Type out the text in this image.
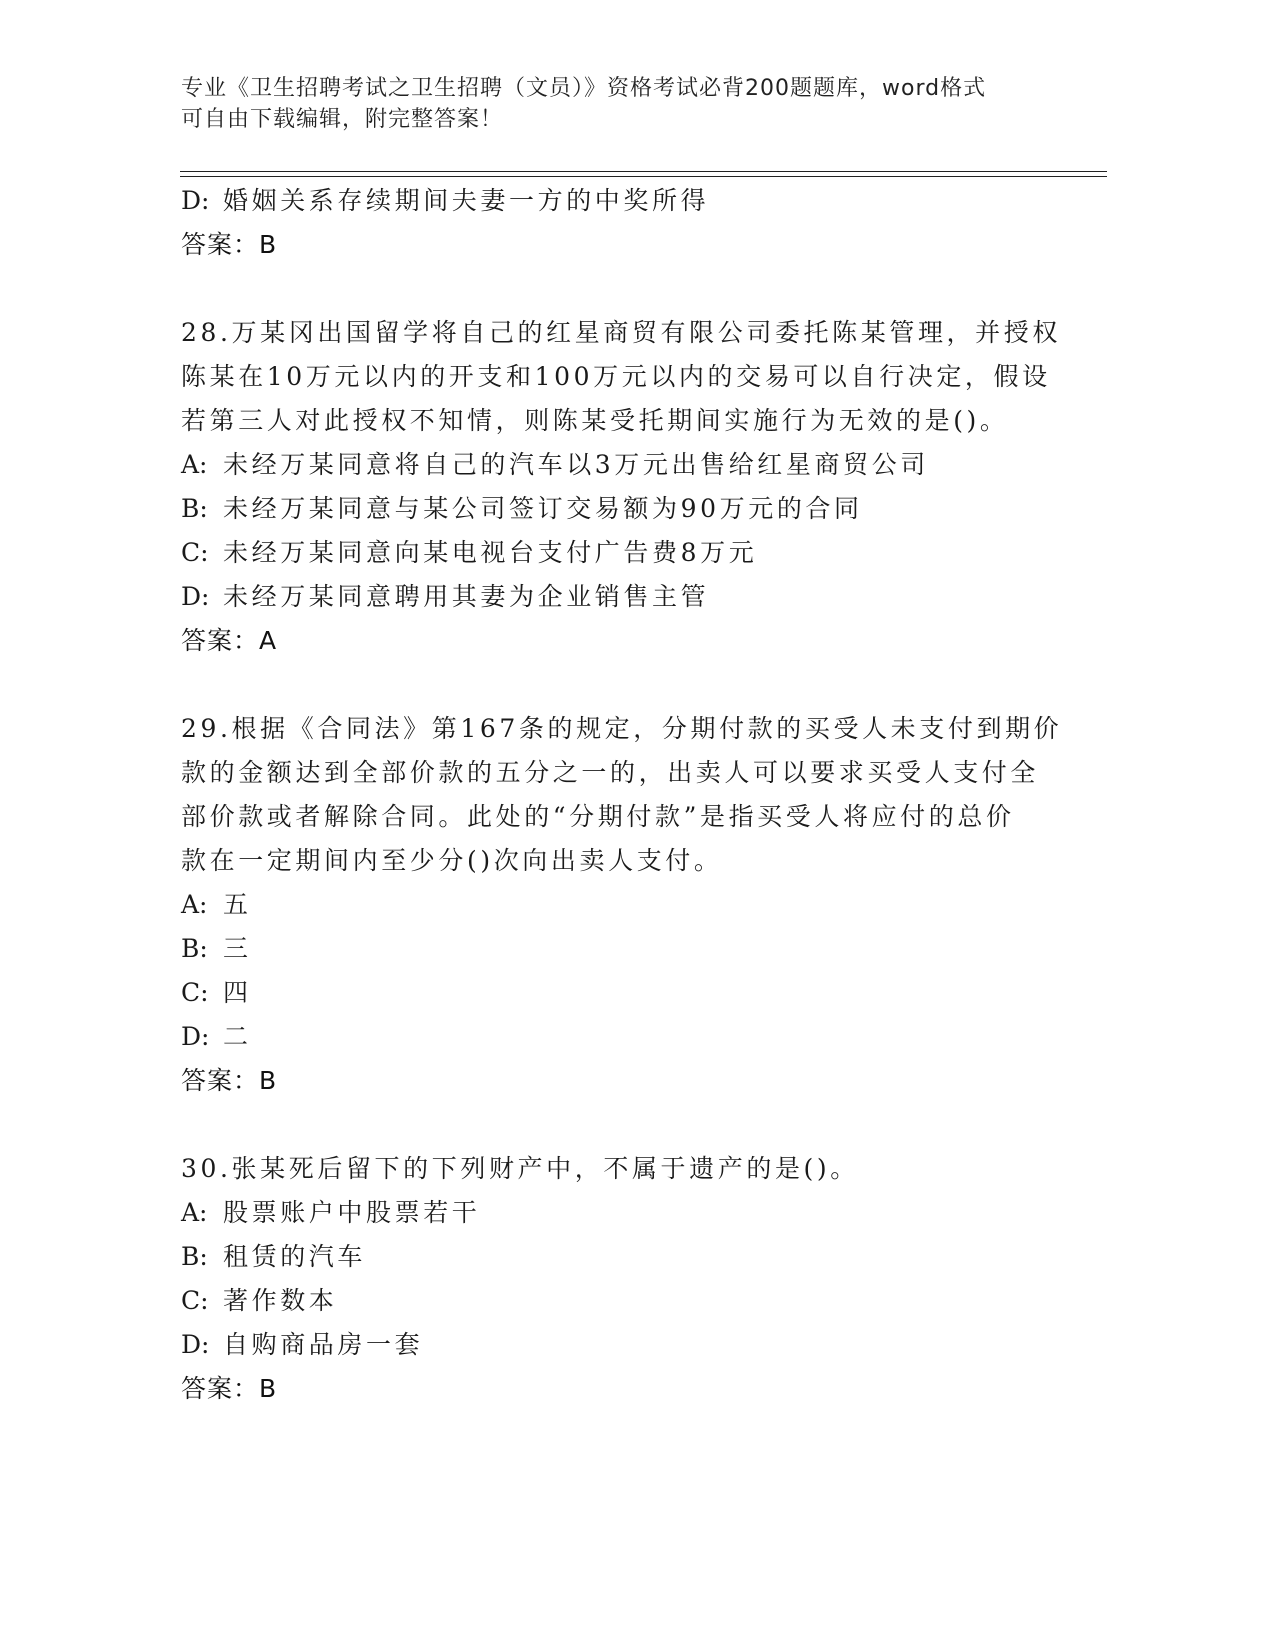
专业《卫生招聘考试之卫生招聘（文员）》资格考试必背200题题库，word格式
可自由下载编辑，附完整答案！
D: 婚姻关系存续期间夫妻一方的中奖所得
答案：B
28.万某冈出国留学将自己的红星商贸有限公司委托陈某管理，并授权
陈某在10万元以内的开支和100万元以内的交易可以自行决定，假设
若第三人对此授权不知情，则陈某受托期间实施行为无效的是()。
A: 未经万某同意将自己的汽车以3万元出售给红星商贸公司
B: 未经万某同意与某公司签订交易额为90万元的合同
C: 未经万某同意向某电视台支付广告费8万元
D: 未经万某同意聘用其妻为企业销售主管
答案：A
29.根据《合同法》第167条的规定，分期付款的买受人未支付到期价
款的金额达到全部价款的五分之一的，出卖人可以要求买受人支付全
部价款或者解除合同。此处的“分期付款”是指买受人将应付的总价
款在一定期间内至少分()次向出卖人支付。
A: 五
B: 三
C: 四
D: 二
答案：B
30.张某死后留下的下列财产中，不属于遗产的是()。
A: 股票账户中股票若干
B: 租赁的汽车
C: 著作数本
D: 自购商品房一套
答案：B
